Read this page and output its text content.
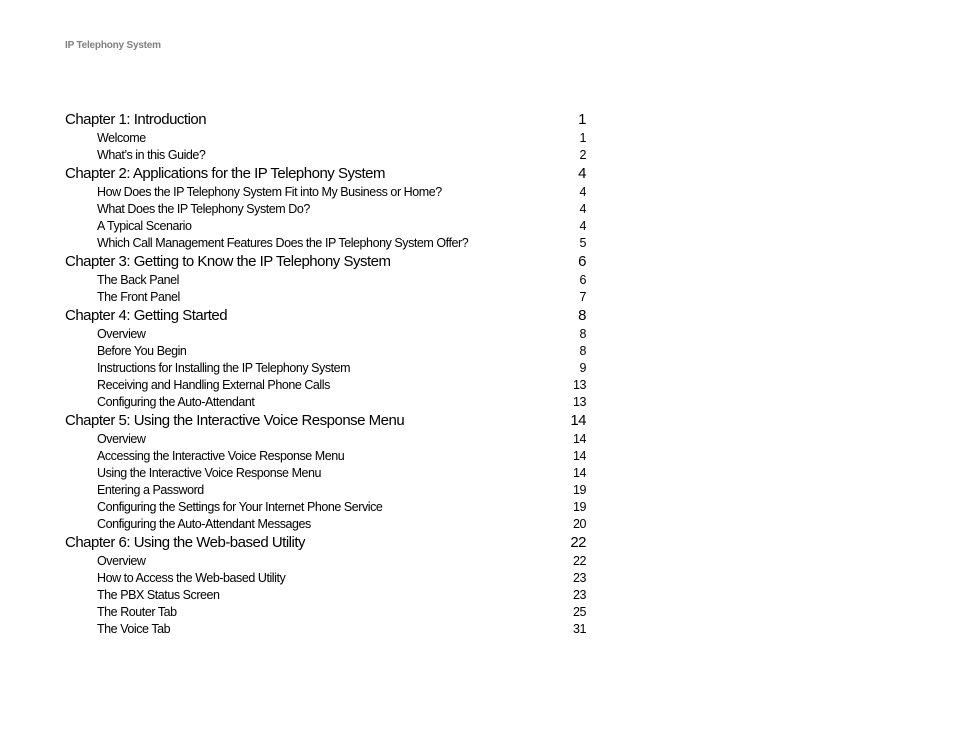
IP Telephony System
Chapter 1: Introduction	1
Welcome	1
What’s in this Guide?	2
Chapter 2: Applications for the IP Telephony System	4
How Does the IP Telephony System Fit into My Business or Home?	4
What Does the IP Telephony System Do?	4
A Typical Scenario	4
Which Call Management Features Does the IP Telephony System Offer?	5
Chapter 3: Getting to Know the IP Telephony System	6
The Back Panel	6
The Front Panel	7
Chapter 4: Getting Started	8
Overview	8
Before You Begin	8
Instructions for Installing the IP Telephony System	9
Receiving and Handling External Phone Calls	13
Configuring the Auto-Attendant	13
Chapter 5: Using the Interactive Voice Response Menu	14
Overview	14
Accessing the Interactive Voice Response Menu	14
Using the Interactive Voice Response Menu	14
Entering a Password	19
Configuring the Settings for Your Internet Phone Service	19
Configuring the Auto-Attendant Messages	20
Chapter 6: Using the Web-based Utility	22
Overview	22
How to Access the Web-based Utility	23
The PBX Status Screen	23
The Router Tab	25
The Voice Tab	31
